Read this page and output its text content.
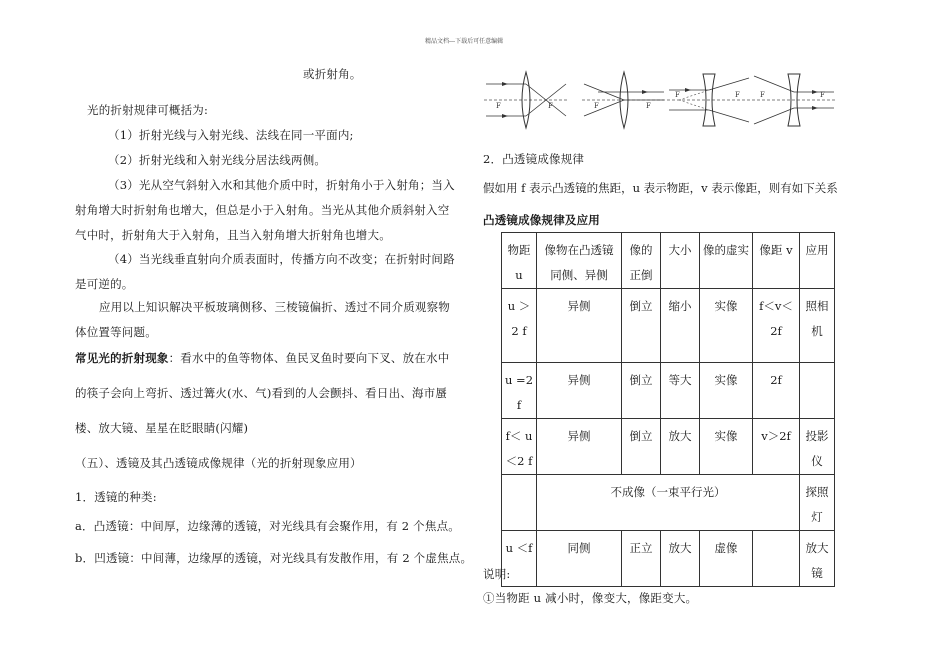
精品文档---下载后可任意编辑
或折射角。
光的折射规律可概括为:
（1）折射光线与入射光线、法线在同一平面内;
（2）折射光线和入射光线分居法线两侧。
（3）光从空气斜射入水和其他介质中时，折射角小于入射角；当入
射角增大时折射角也增大，但总是小于入射角。当光从其他介质斜射入空
气中时，折射角大于入射角，且当入射角增大折射角也增大。
（4）当光线垂直射向介质表面时，传播方向不改变；在折射时间路
是可逆的。
应用以上知识解决平板玻璃侧移、三棱镜偏折、透过不同介质观察物
体位置等问题。
常见光的折射现象：看水中的鱼等物体、鱼民叉鱼时要向下叉、放在水中
的筷子会向上弯折、透过篝火(水、气)看到的人会颤抖、看日出、海市蜃
楼、放大镜、星星在眨眼睛(闪耀)
（五）、透镜及其凸透镜成像规律（光的折射现象应用）
1．透镜的种类:
a．凸透镜：中间厚，边缘薄的透镜，对光线具有会聚作用，有 2 个焦点。
b．凹透镜：中间薄，边缘厚的透镜，对光线具有发散作用，有 2 个虚焦点。
F	F	F	F
F	F	F	F
2．凸透镜成像规律
假如用 f 表示凸透镜的焦距，u 表示物距，v 表示像距，则有如下关系
凸透镜成像规律及应用
物距 u	像物在凸透镜同侧、异侧	像的正倒	大小	像的虚实	像距 v	应用
u ＞2 f	异侧	倒立	缩小	实像	f＜v＜2f	照相机
u =2 f	异侧	倒立	等大	实像	2f	
f＜ u ＜2 f	异侧	倒立	放大	实像	v＞2f	投影仪
	不成像（一束平行光）					探照灯
u ＜f	同侧	正立	放大	虚像		放大镜
说明:
①当物距 u 减小时，像变大，像距变大。
